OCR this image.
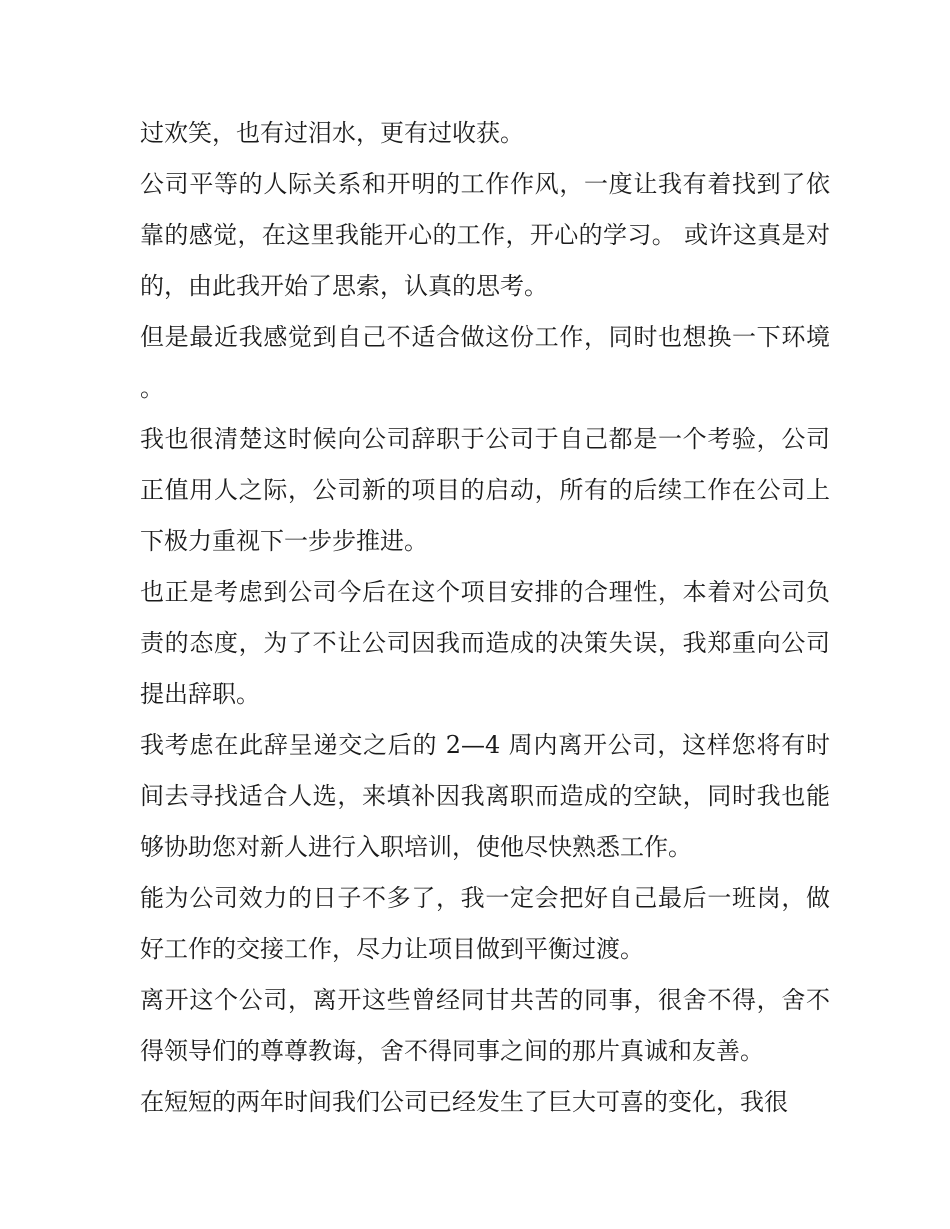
过欢笑，也有过泪水，更有过收获。

公司平等的人际关系和开明的工作作风，一度让我有着找到了依靠的感觉，在这里我能开心的工作，开心的学习。 或许这真是对的，由此我开始了思索，认真的思考。

但是最近我感觉到自己不适合做这份工作，同时也想换一下环境。

我也很清楚这时候向公司辞职于公司于自己都是一个考验，公司正值用人之际，公司新的项目的启动，所有的后续工作在公司上下极力重视下一步步推进。

也正是考虑到公司今后在这个项目安排的合理性，本着对公司负责的态度，为了不让公司因我而造成的决策失误，我郑重向公司提出辞职。

我考虑在此辞呈递交之后的 2—4 周内离开公司，这样您将有时间去寻找适合人选，来填补因我离职而造成的空缺，同时我也能够协助您对新人进行入职培训，使他尽快熟悉工作。

能为公司效力的日子不多了，我一定会把好自己最后一班岗，做好工作的交接工作，尽力让项目做到平衡过渡。

离开这个公司，离开这些曾经同甘共苦的同事，很舍不得，舍不得领导们的尊尊教诲，舍不得同事之间的那片真诚和友善。

在短短的两年时间我们公司已经发生了巨大可喜的变化，我很
